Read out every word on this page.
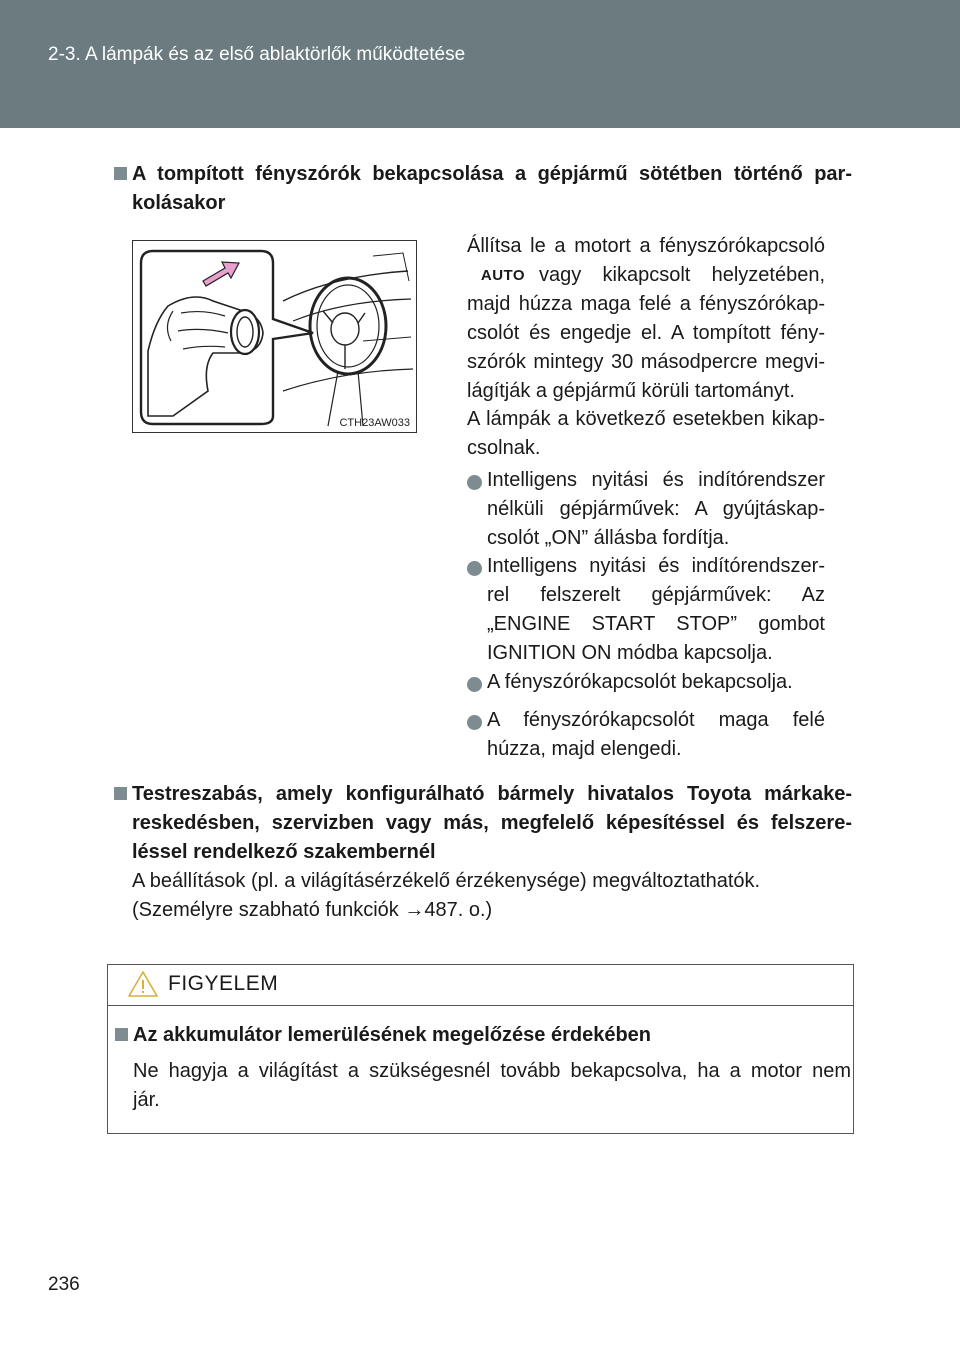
2-3. A lámpák és az első ablaktörlők működtetése
A tompított fényszórók bekapcsolása a gépjármű sötétben történő par-
kolásakor
CTH23AW033
Állítsa le a motort a fényszórókapcsoló
AUTO vagy kikapcsolt helyzetében,
majd húzza maga felé a fényszórókap-
csolót és engedje el. A tompított fény-
szórók mintegy 30 másodpercre megvi-
lágítják a gépjármű körüli tartományt.
A lámpák a következő esetekben kikap-
csolnak.
Intelligens nyitási és indítórendszer
nélküli gépjárművek: A gyújtáskap-
csolót „ON” állásba fordítja.
Intelligens nyitási és indítórendszer-
rel felszerelt gépjárművek: Az
„ENGINE START STOP” gombot
IGNITION ON módba kapcsolja.
A fényszórókapcsolót bekapcsolja.
A fényszórókapcsolót maga felé
húzza, majd elengedi.
Testreszabás, amely konfigurálható bármely hivatalos Toyota márkake-
reskedésben, szervizben vagy más, megfelelő képesítéssel és felszere-
léssel rendelkező szakembernél
A beállítások (pl. a világításérzékelő érzékenysége) megváltoztathatók.
(Személyre szabható funkciók →487. o.)
FIGYELEM
Az akkumulátor lemerülésének megelőzése érdekében
Ne hagyja a világítást a szükségesnél tovább bekapcsolva, ha a motor nem
jár.
236
